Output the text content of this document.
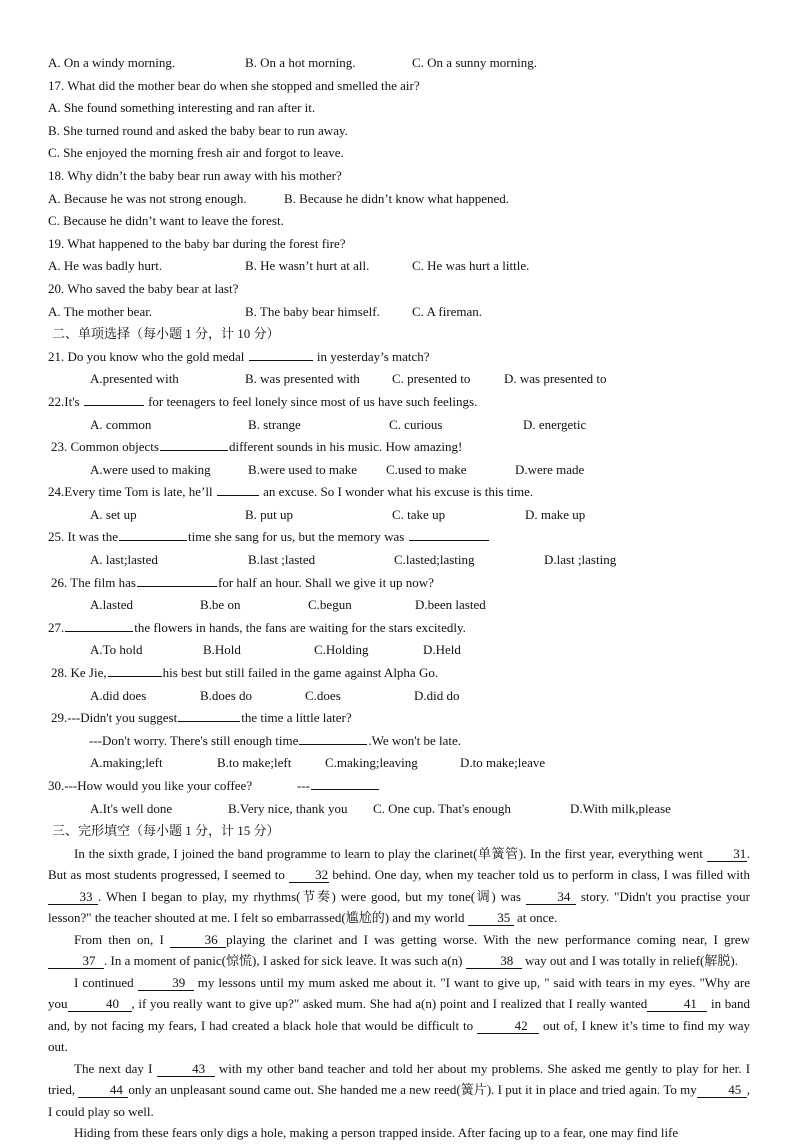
A. On a windy morning.	B. On a hot morning.	C. On a sunny morning.
17. What did the mother bear do when she stopped and smelled the air?
A. She found something interesting and ran after it.
B. She turned round and asked the baby bear to run away.
C. She enjoyed the morning fresh air and forgot to leave.
18. Why didn’t the baby bear run away with his mother?
A. Because he was not strong enough.	B. Because he didn’t know what happened.
C. Because he didn’t want to leave the forest.
19. What happened to the baby bar during the forest fire?
A. He was badly hurt.	B. He wasn’t hurt at all.	C. He was hurt a little.
20. Who saved the baby bear at last?
A. The mother bear.	B. The baby bear himself. C. A fireman.
二、单项选择（每小题 1 分，计 10 分）
21. Do you know who the gold medal	in yesterday’s match?
A.presented with	B. was presented with C. presented to	D. was presented to
22.It's	for teenagers to feel lonely since most of us have such feelings.
A. common	B. strange	C. curious	D. energetic
23. Common objects	different sounds in his music. How amazing!
A.were used to making	B.were used to make C.used to make	D.were made
24.Every time Tom is late, he’ll	an excuse. So I wonder what his excuse is this time.
A. set up	B. put up	C. take up	D. make up
25. It was the	time she sang for us, but the memory was
A. last;lasted	B.last ;lasted	C.lasted;lasting	D.last ;lasting
26. The film has	for half an hour. Shall we give it up now?
A.lasted	B.be on	C.begun	D.been lasted
27.	the flowers in hands, the fans are waiting for the stars excitedly.
A.To hold	B.Hold	C.Holding	D.Held
28. Ke Jie,	his best but still failed in the game against Alpha Go.
A.did does	B.does do	C.does	D.did do
29.---Didn't you suggest	the time a little later?
---Don't worry. There's still enough time	.We won't be late.
A.making;left	B.to make;left	C.making;leaving	D.to make;leave
30.---How would you like your coffee?	---
A.It's well done	B.Very nice, thank you C. One cup. That's enough	D.With milk,please
三、完形填空（每小题 1 分，计 15 分）

In the sixth grade, I joined the band programme to learn to play the clarinet(单簧管). In the first year, everything went 31. But as most students progressed, I seemed to 32 behind. One day, when my teacher told us to perform in class, I was filled with 33 . When I began to play, my rhythms(节奏) were good, but my tone(调) was	34 story. "Didn't you practise your lesson?" the teacher shouted at me. I felt so embarrassed(尴尬的) and my world	35 at once.

From then on, I	36 playing the clarinet and I was getting worse. With the new performance coming near, I grew 37 . In a moment of panic(惊慌), I asked for sick leave. It was such a(n)	38 way out and I was totally in relief(解脱).

I continued	39 my lessons until my mum asked me about it. "I want to give up, " said with tears in my eyes. "Why are you	40 , if you really want to give up?" asked mum. She had a(n) point and I realized that I really wanted	41 in band and, by not facing my fears, I had created a black hole that would be difficult to	42 out of, I knew it’s time to find my way out.

The next day I	43 with my other band teacher and told her about my problems. She asked me gently to play for her. I tried,	44 only an unpleasant sound came out. She handed me a new reed(簧片). I put it in place and tried again. To my 45 , I could play so well.

Hiding from these fears only digs a hole, making a person trapped inside. After facing up to a fear, one may find life
